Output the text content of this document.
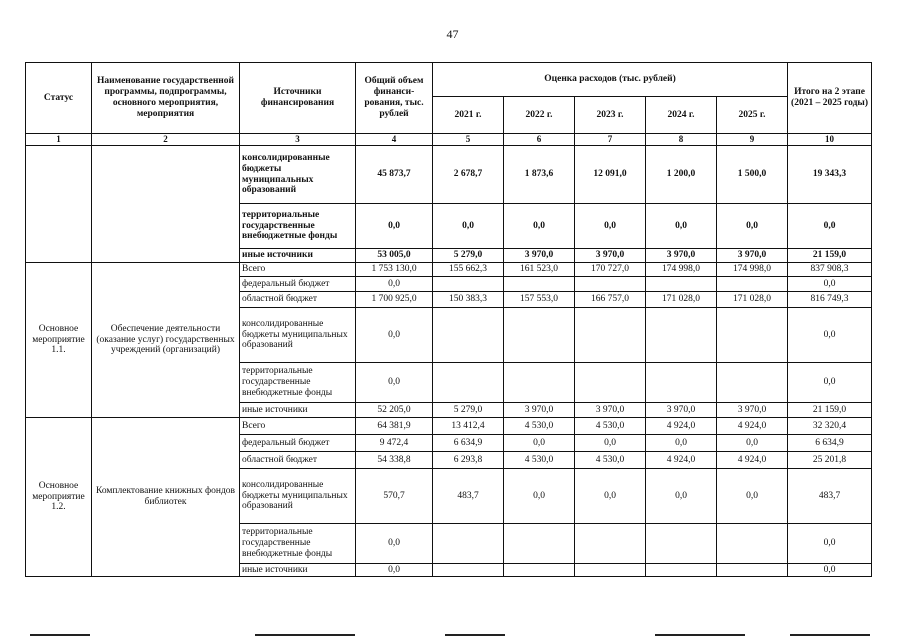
47
Статус	Наименование государственной программы, подпрограммы, основного мероприятия, мероприятия	Источники финансирования	Общий объем финанси-рования, тыс. рублей	Оценка расходов (тыс. рублей)					Итого на 2 этапе (2021 – 2025 годы)
				2021 г.	2022 г.	2023 г.	2024 г.	2025 г.	
1	2	3	4	5	6	7	8	9	10
		консолидированные бюджеты муниципальных образований	45 873,7	2 678,7	1 873,6	12 091,0	1 200,0	1 500,0	19 343,3
		территориальные государственные внебюджетные фонды	0,0	0,0	0,0	0,0	0,0	0,0	0,0
		иные источники	53 005,0	5 279,0	3 970,0	3 970,0	3 970,0	3 970,0	21 159,0
Основное мероприятие 1.1.	Обеспечение деятельности (оказание услуг) государственных учреждений (организаций)	Всего	1 753 130,0	155 662,3	161 523,0	170 727,0	174 998,0	174 998,0	837 908,3
		федеральный бюджет	0,0						0,0
		областной бюджет	1 700 925,0	150 383,3	157 553,0	166 757,0	171 028,0	171 028,0	816 749,3
		консолидированные бюджеты муниципальных образований	0,0						0,0
		территориальные государственные внебюджетные фонды	0,0						0,0
		иные источники	52 205,0	5 279,0	3 970,0	3 970,0	3 970,0	3 970,0	21 159,0
Основное мероприятие 1.2.	Комплектование книжных фондов библиотек	Всего	64 381,9	13 412,4	4 530,0	4 530,0	4 924,0	4 924,0	32 320,4
		федеральный бюджет	9 472,4	6 634,9	0,0	0,0	0,0	0,0	6 634,9
		областной бюджет	54 338,8	6 293,8	4 530,0	4 530,0	4 924,0	4 924,0	25 201,8
		консолидированные бюджеты муниципальных образований	570,7	483,7	0,0	0,0	0,0	0,0	483,7
		территориальные государственные внебюджетные фонды	0,0						0,0
		иные источники	0,0						0,0
